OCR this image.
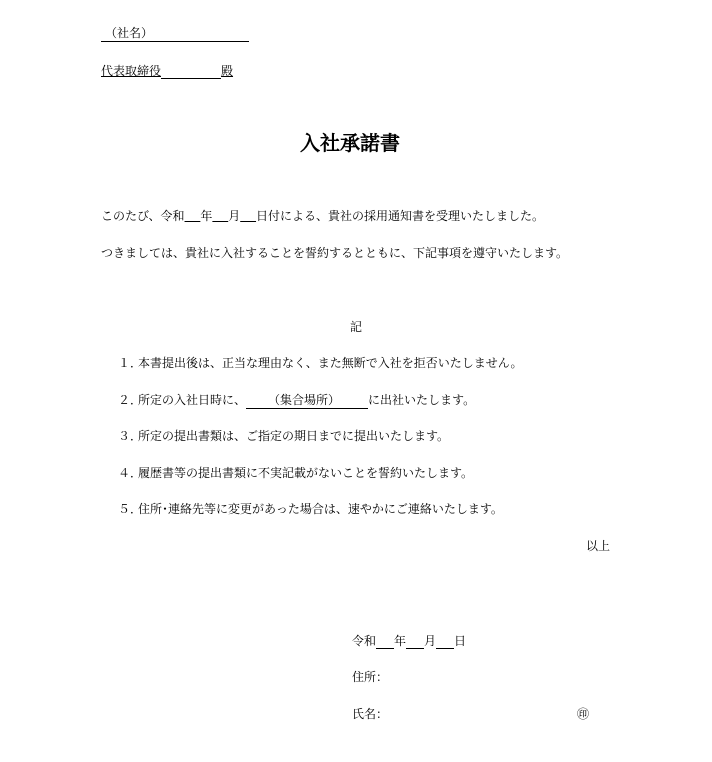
（社名）
代表取締役	殿
入社承諾書
このたび、令和　 年　 月　 日付による、貴社の採用通知書を受理いたしました。
つきましては、貴社に入社することを誓約するとともに、下記事項を遵守いたします。
記
１．本書提出後は、正当な理由なく、また無断で入社を拒否いたしません。
２．所定の入社日時に、 （集合場所） に出社いたします。
３．所定の提出書類は、ご指定の期日までに提出いたします。
４．履歴書等の提出書類に不実記載がないことを誓約いたします。
５．住所･連絡先等に変更があった場合は、速やかにご連絡いたします。
以上
令和 年 月 日
住所：
氏名：	㊞
